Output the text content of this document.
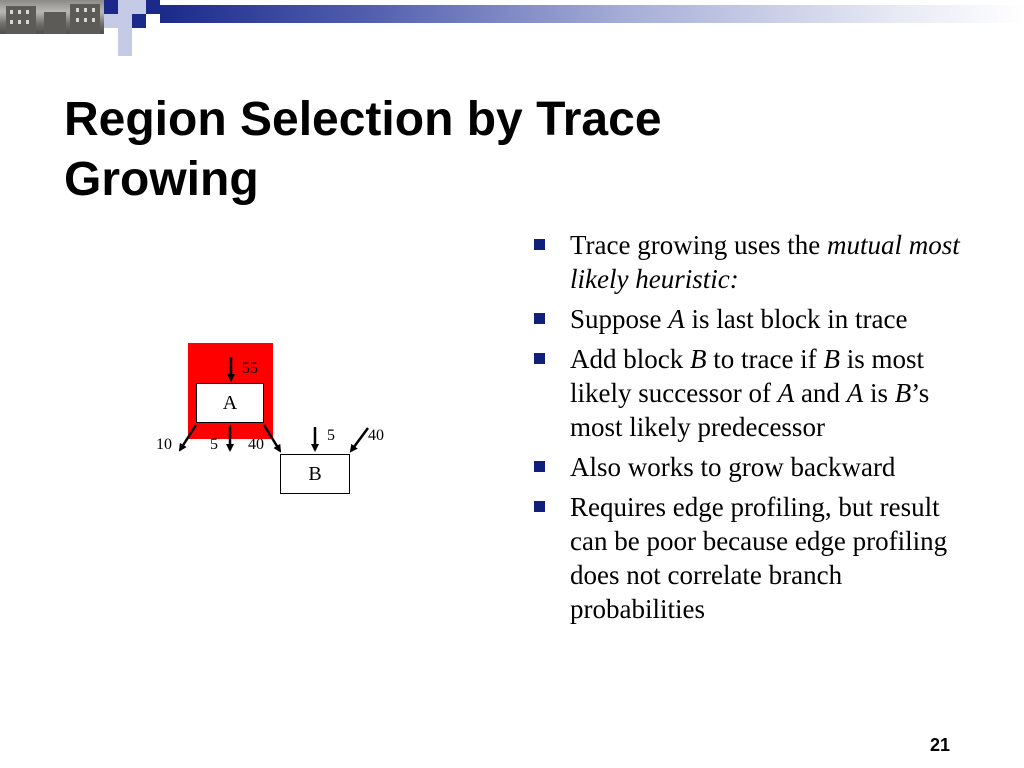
Region Selection by Trace
Growing
A
B
55
10 5 40
5 40
Trace growing uses the mutual most likely heuristic:
Suppose A is last block in trace
Add block B to trace if B is most likely successor of A and A is B’s most likely predecessor
Also works to grow backward
Requires edge profiling, but result can be poor because edge profiling does not correlate branch probabilities
21
